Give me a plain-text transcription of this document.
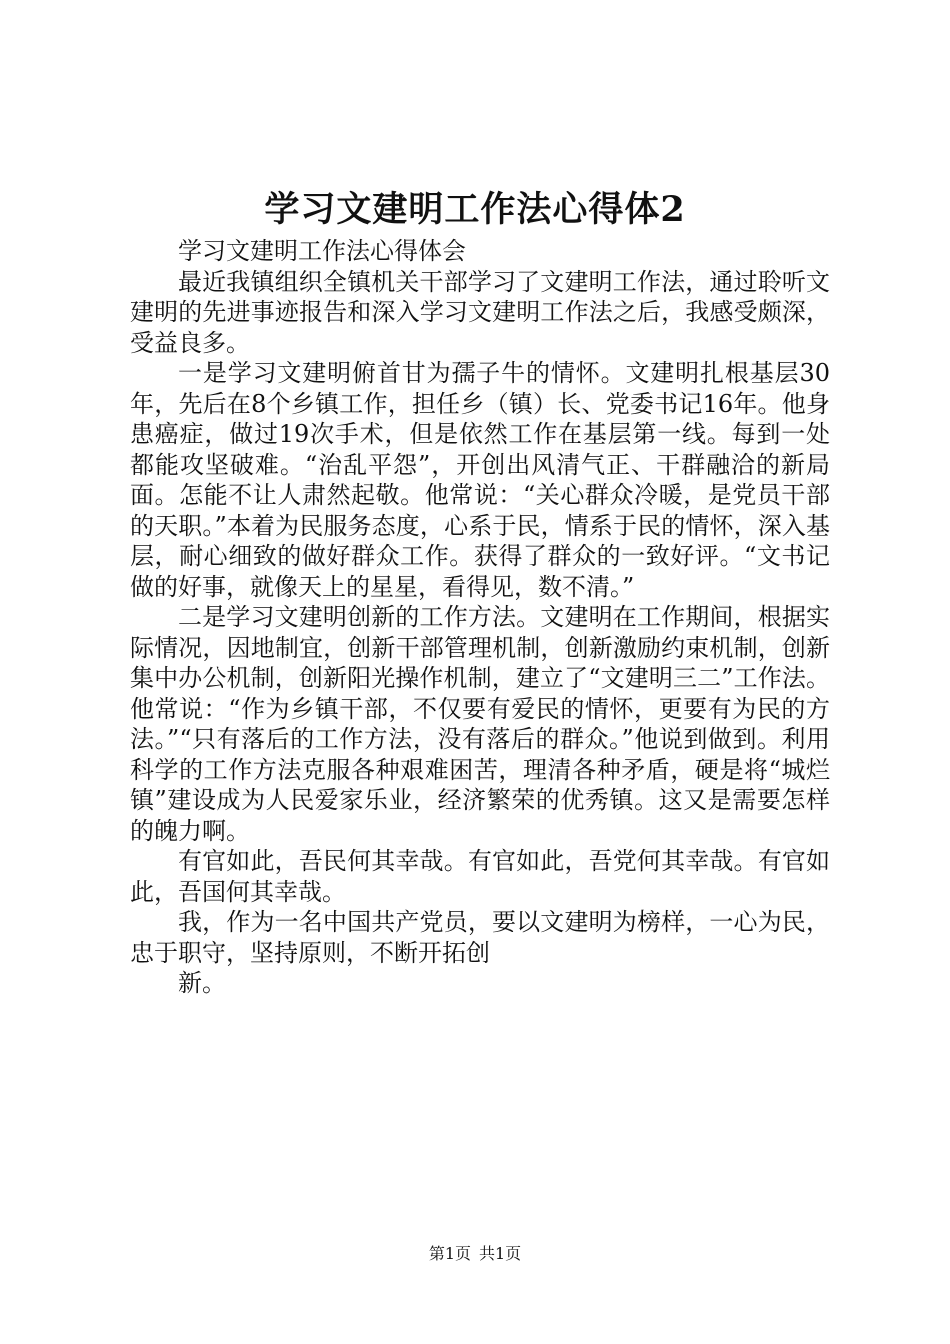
学习文建明工作法心得体2

学习文建明工作法心得体会

最近我镇组织全镇机关干部学习了文建明工作法，通过聆听文建明的先进事迹报告和深入学习文建明工作法之后，我感受颇深，受益良多。

一是学习文建明俯首甘为孺子牛的情怀。文建明扎根基层30年，先后在8个乡镇工作，担任乡（镇）长、党委书记16年。他身患癌症，做过19次手术，但是依然工作在基层第一线。每到一处都能攻坚破难。“治乱平怨”，开创出风清气正、干群融洽的新局面。怎能不让人肃然起敬。他常说：“关心群众冷暖，是党员干部的天职。”本着为民服务态度，心系于民，情系于民的情怀，深入基层，耐心细致的做好群众工作。获得了群众的一致好评。“文书记做的好事，就像天上的星星，看得见，数不清。”

二是学习文建明创新的工作方法。文建明在工作期间，根据实际情况，因地制宜，创新干部管理机制，创新激励约束机制，创新集中办公机制，创新阳光操作机制，建立了“文建明三二”工作法。他常说：“作为乡镇干部，不仅要有爱民的情怀，更要有为民的方法。”“只有落后的工作方法，没有落后的群众。”他说到做到。利用科学的工作方法克服各种艰难困苦，理清各种矛盾，硬是将“城烂镇”建设成为人民爱家乐业，经济繁荣的优秀镇。这又是需要怎样的魄力啊。

有官如此，吾民何其幸哉。有官如此，吾党何其幸哉。有官如此，吾国何其幸哉。

我，作为一名中国共产党员，要以文建明为榜样，一心为民，忠于职守，坚持原则，不断开拓创

新。

第1页 共1页
